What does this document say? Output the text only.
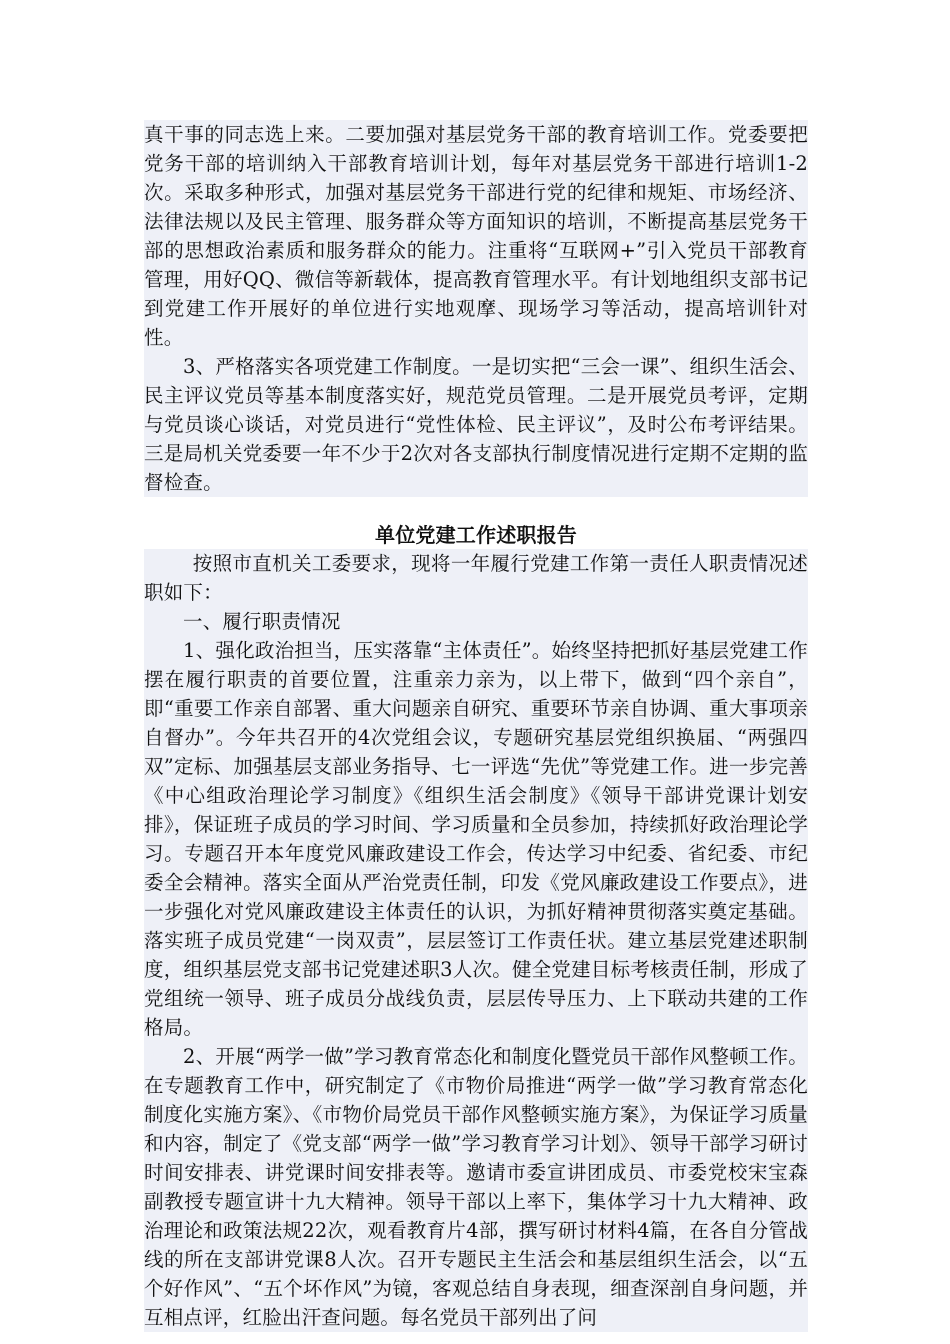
真干事的同志选上来。二要加强对基层党务干部的教育培训工作。党委要把党务干部的培训纳入干部教育培训计划，每年对基层党务干部进行培训1-2次。采取多种形式，加强对基层党务干部进行党的纪律和规矩、市场经济、法律法规以及民主管理、服务群众等方面知识的培训，不断提高基层党务干部的思想政治素质和服务群众的能力。注重将“互联网+”引入党员干部教育管理，用好QQ、微信等新载体，提高教育管理水平。有计划地组织支部书记到党建工作开展好的单位进行实地观摩、现场学习等活动，提高培训针对性。

3、严格落实各项党建工作制度。一是切实把“三会一课”、组织生活会、民主评议党员等基本制度落实好，规范党员管理。二是开展党员考评，定期与党员谈心谈话，对党员进行“党性体检、民主评议”，及时公布考评结果。三是局机关党委要一年不少于2次对各支部执行制度情况进行定期不定期的监督检查。

单位党建工作述职报告

按照市直机关工委要求，现将一年履行党建工作第一责任人职责情况述职如下：

一、履行职责情况

1、强化政治担当，压实落靠“主体责任”。始终坚持把抓好基层党建工作摆在履行职责的首要位置，注重亲力亲为，以上带下，做到“四个亲自”，即“重要工作亲自部署、重大问题亲自研究、重要环节亲自协调、重大事项亲自督办”。今年共召开的4次党组会议，专题研究基层党组织换届、“两强四双”定标、加强基层支部业务指导、七一评选“先优”等党建工作。进一步完善《中心组政治理论学习制度》《组织生活会制度》《领导干部讲党课计划安排》，保证班子成员的学习时间、学习质量和全员参加，持续抓好政治理论学习。专题召开本年度党风廉政建设工作会，传达学习中纪委、省纪委、市纪委全会精神。落实全面从严治党责任制，印发《党风廉政建设工作要点》，进一步强化对党风廉政建设主体责任的认识，为抓好精神贯彻落实奠定基础。落实班子成员党建“一岗双责”，层层签订工作责任状。建立基层党建述职制度，组织基层党支部书记党建述职3人次。健全党建目标考核责任制，形成了党组统一领导、班子成员分战线负责，层层传导压力、上下联动共建的工作格局。

2、开展“两学一做”学习教育常态化和制度化暨党员干部作风整顿工作。在专题教育工作中，研究制定了《市物价局推进“两学一做”学习教育常态化制度化实施方案》、《市物价局党员干部作风整顿实施方案》，为保证学习质量和内容，制定了《党支部“两学一做”学习教育学习计划》、领导干部学习研讨时间安排表、讲党课时间安排表等。邀请市委宣讲团成员、市委党校宋宝森副教授专题宣讲十九大精神。领导干部以上率下，集体学习十九大精神、政治理论和政策法规22次，观看教育片4部，撰写研讨材料4篇，在各自分管战线的所在支部讲党课8人次。召开专题民主生活会和基层组织生活会，以“五个好作风”、“五个坏作风”为镜，客观总结自身表现，细查深剖自身问题，并互相点评，红脸出汗查问题。每名党员干部列出了问
